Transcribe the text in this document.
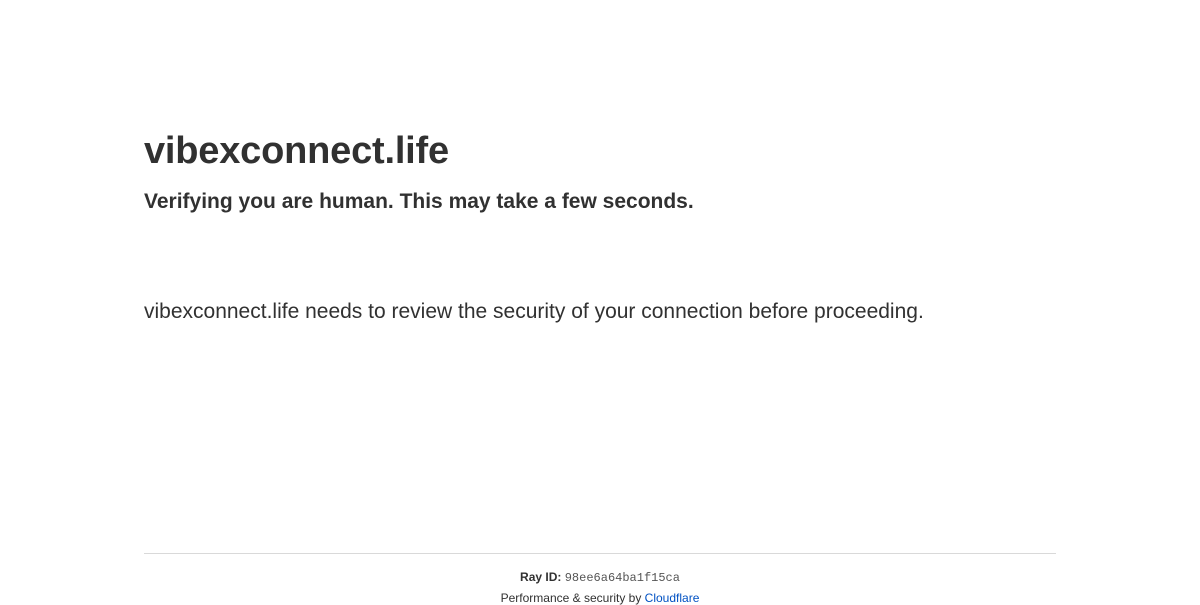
vibexconnect.life
Verifying you are human. This may take a few seconds.

vibexconnect.life needs to review the security of your connection before proceeding.

Ray ID: 98ee6a64ba1f15ca
Performance & security by Cloudflare
